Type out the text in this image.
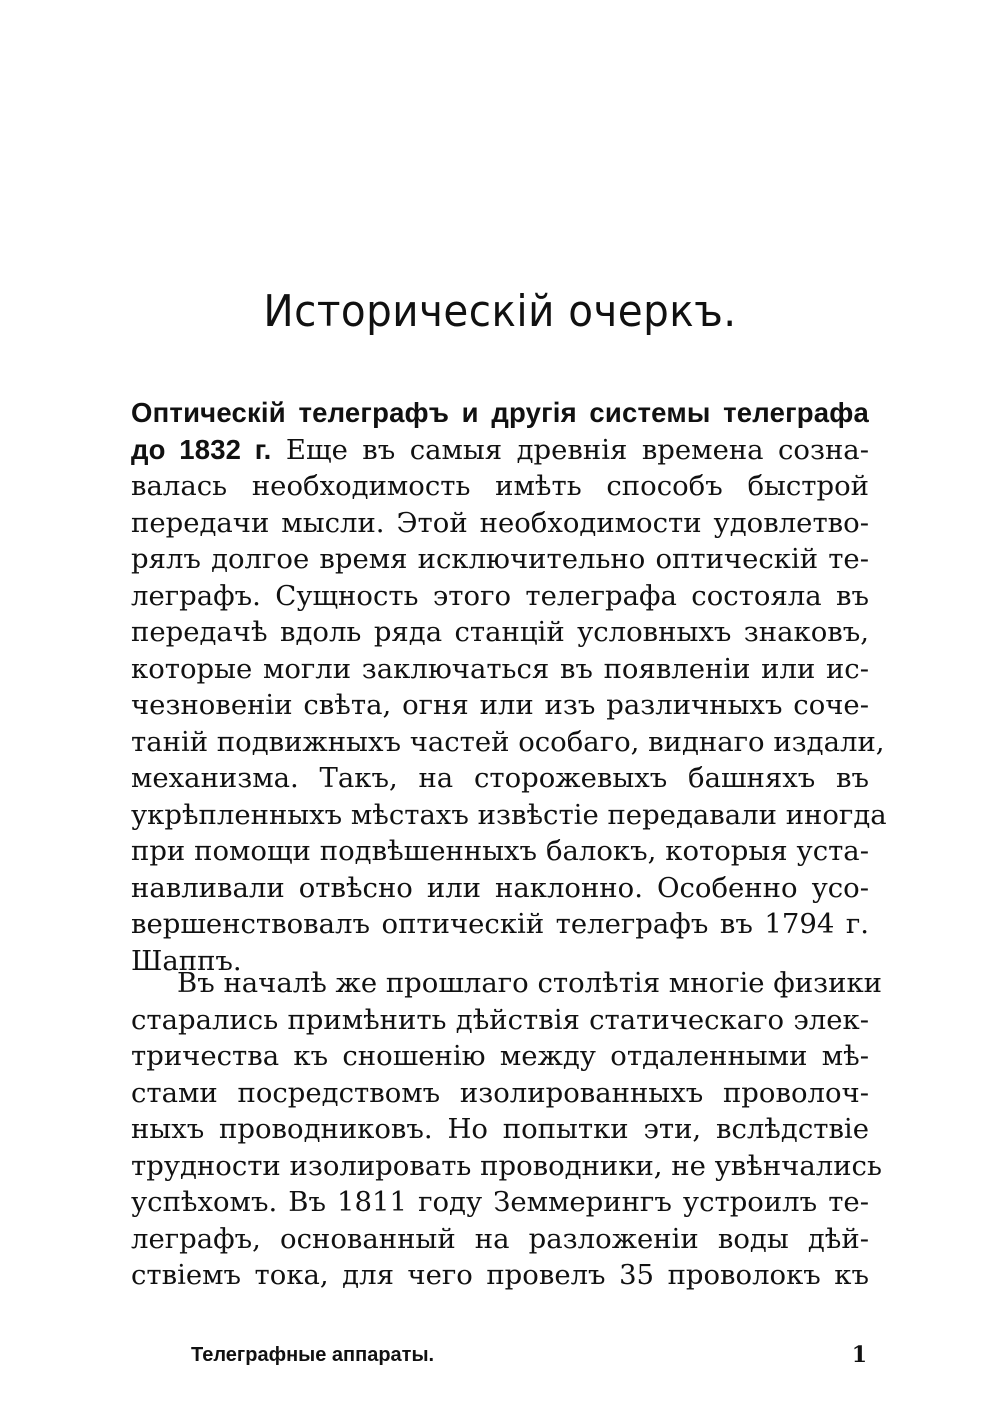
Историческій очеркъ.
Оптическій телеграфъ и другія системы телеграфа
до 1832 г. Еще въ самыя древнія времена созна-
валась необходимость имѣть способъ быстрой
передачи мысли. Этой необходимости удовлетво-
рялъ долгое время исключительно оптическій те-
леграфъ. Сущность этого телеграфа состояла въ
передачѣ вдоль ряда станцій условныхъ знаковъ,
которые могли заключаться въ появленіи или ис-
чезновеніи свѣта, огня или изъ различныхъ соче-
таній подвижныхъ частей особаго, виднаго издали,
механизма. Такъ, на сторожевыхъ башняхъ въ
укрѣпленныхъ мѣстахъ извѣстіе передавали иногда
при помощи подвѣшенныхъ балокъ, которыя уста-
навливали отвѣсно или наклонно. Особенно усо-
вершенствовалъ оптическій телеграфъ въ 1794 г.
Шаппъ.
Въ началѣ же прошлаго столѣтія многіе физики
старались примѣнить дѣйствія статическаго элек-
тричества къ сношенію между отдаленными мѣ-
стами посредствомъ изолированныхъ проволоч-
ныхъ проводниковъ. Но попытки эти, вслѣдствіе
трудности изолировать проводники, не увѣнчались
успѣхомъ. Въ 1811 году Земмерингъ устроилъ те-
леграфъ, основанный на разложеніи воды дѣй-
ствіемъ тока, для чего провелъ 35 проволокъ къ
Телеграфные аппараты.	1
